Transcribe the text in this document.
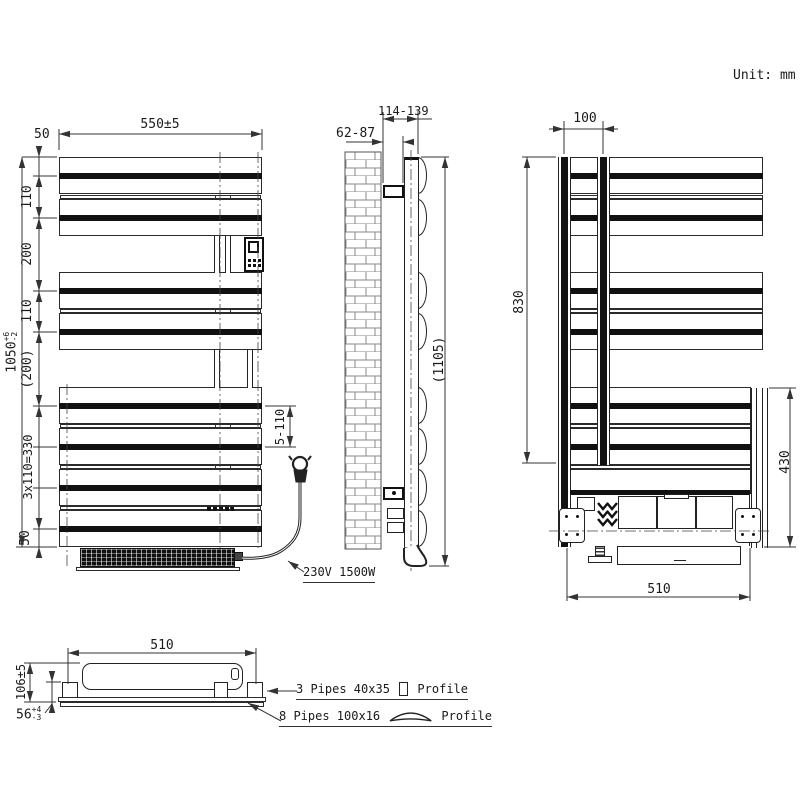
Unit: mm
550±5
50
110
200
110
1050
+6 -2
(200)
3x110=330
50
5-110
230V 1500W
62-87
114-139
(1105)
100
830
430
510
510
106±5
56 +4
-3
3 Pipes 40x35 Profile
8 Pipes 100x16	Profile
